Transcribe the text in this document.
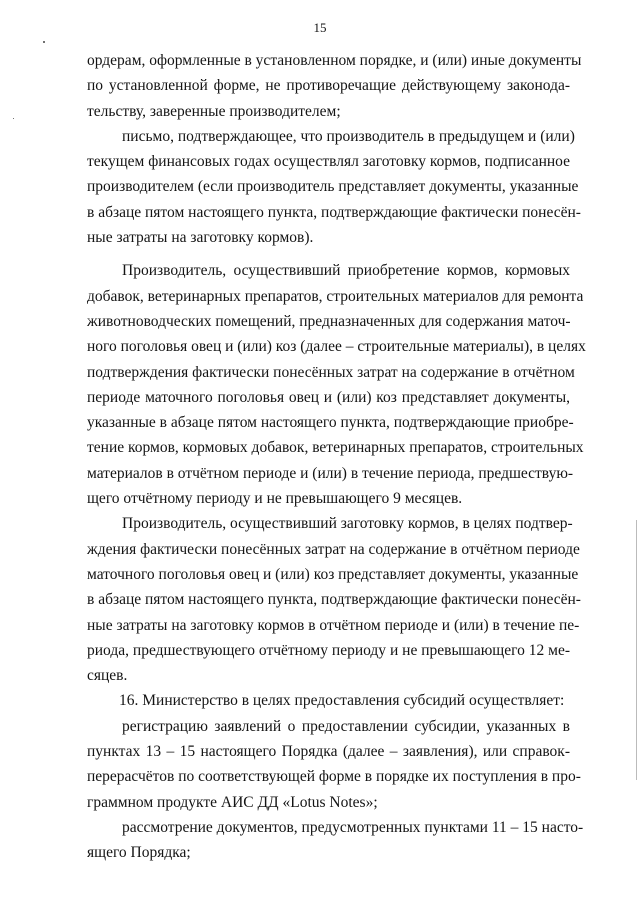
15
ордерам, оформленные в установленном порядке, и (или) иные документы
по установленной форме, не противоречащие действующему законода-
тельству, заверенные производителем;
письмо, подтверждающее, что производитель в предыдущем и (или)
текущем финансовых годах осуществлял заготовку кормов, подписанное
производителем (если производитель представляет документы, указанные
в абзаце пятом настоящего пункта, подтверждающие фактически понесён-
ные затраты на заготовку кормов).
Производитель, осуществивший приобретение кормов, кормовых
добавок, ветеринарных препаратов, строительных материалов для ремонта
животноводческих помещений, предназначенных для содержания маточ-
ного поголовья овец и (или) коз (далее – строительные материалы), в целях
подтверждения фактически понесённых затрат на содержание в отчётном
периоде маточного поголовья овец и (или) коз представляет документы,
указанные в абзаце пятом настоящего пункта, подтверждающие приобре-
тение кормов, кормовых добавок, ветеринарных препаратов, строительных
материалов в отчётном периоде и (или) в течение периода, предшествую-
щего отчётному периоду и не превышающего 9 месяцев.
Производитель, осуществивший заготовку кормов, в целях подтвер-
ждения фактически понесённых затрат на содержание в отчётном периоде
маточного поголовья овец и (или) коз представляет документы, указанные
в абзаце пятом настоящего пункта, подтверждающие фактически понесён-
ные затраты на заготовку кормов в отчётном периоде и (или) в течение пе-
риода, предшествующего отчётному периоду и не превышающего 12 ме-
сяцев.
16. Министерство в целях предоставления субсидий осуществляет:
регистрацию заявлений о предоставлении субсидии, указанных в
пунктах 13 – 15 настоящего Порядка (далее – заявления), или справок-
перерасчётов по соответствующей форме в порядке их поступления в про-
граммном продукте АИС ДД «Lotus Notes»;
рассмотрение документов, предусмотренных пунктами 11 – 15 насто-
ящего Порядка;
